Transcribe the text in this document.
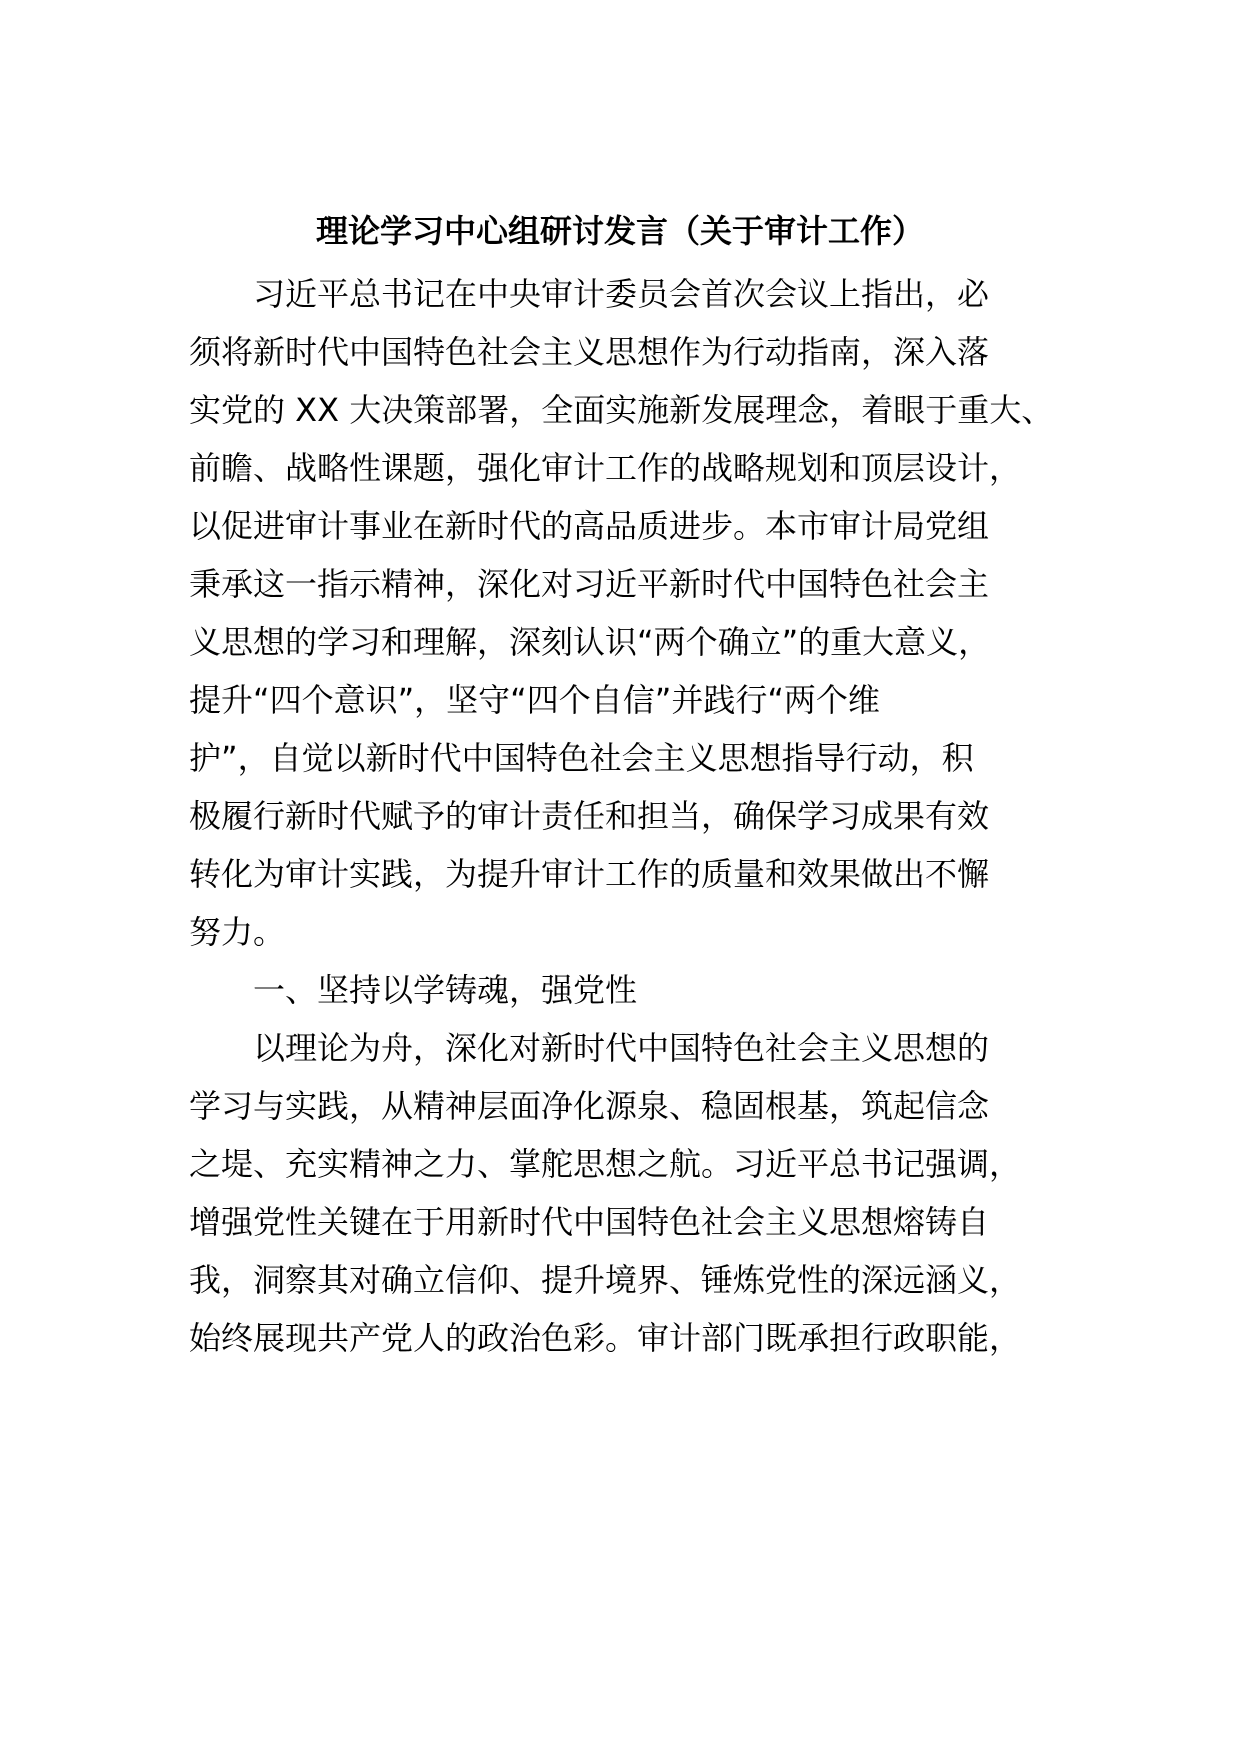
理论学习中心组研讨发言（关于审计工作）
习近平总书记在中央审计委员会首次会议上指出，必
须将新时代中国特色社会主义思想作为行动指南，深入落
实党的 XX 大决策部署，全面实施新发展理念，着眼于重大、
前瞻、战略性课题，强化审计工作的战略规划和顶层设计，
以促进审计事业在新时代的高品质进步。本市审计局党组
秉承这一指示精神，深化对习近平新时代中国特色社会主
义思想的学习和理解，深刻认识“两个确立”的重大意义，
提升“四个意识”，坚守“四个自信”并践行“两个维
护”，自觉以新时代中国特色社会主义思想指导行动，积
极履行新时代赋予的审计责任和担当，确保学习成果有效
转化为审计实践，为提升审计工作的质量和效果做出不懈
努力。
一、坚持以学铸魂，强党性
以理论为舟，深化对新时代中国特色社会主义思想的
学习与实践，从精神层面净化源泉、稳固根基，筑起信念
之堤、充实精神之力、掌舵思想之航。习近平总书记强调，
增强党性关键在于用新时代中国特色社会主义思想熔铸自
我，洞察其对确立信仰、提升境界、锤炼党性的深远涵义，
始终展现共产党人的政治色彩。审计部门既承担行政职能，
